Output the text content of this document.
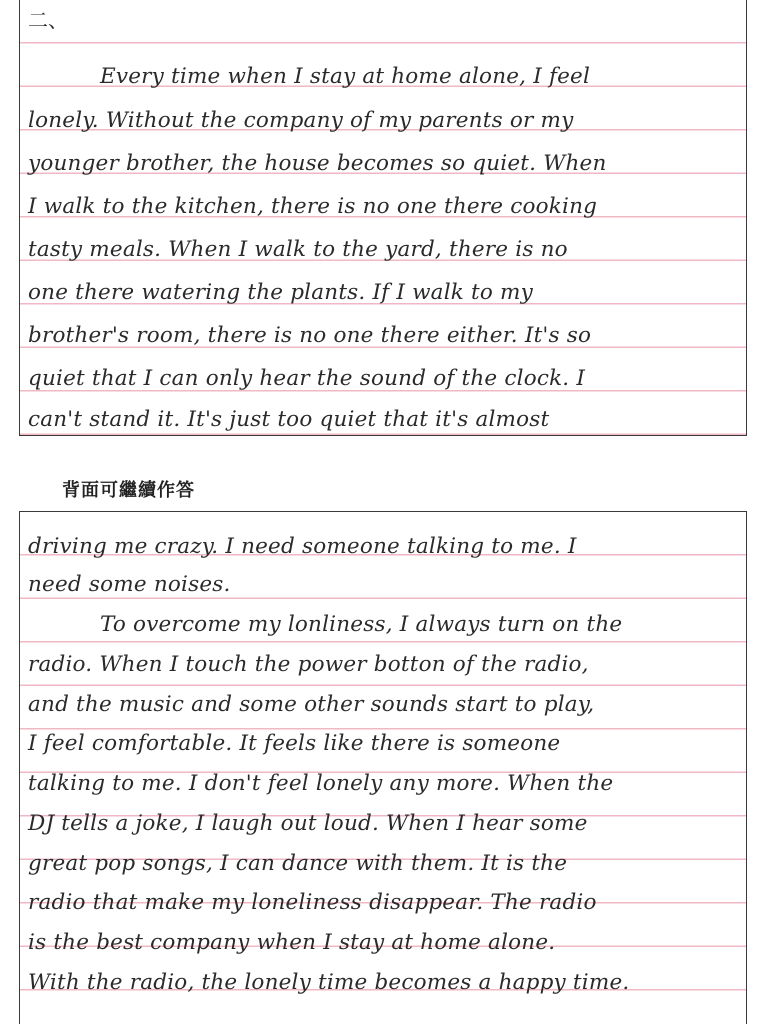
二、
Every time when I stay at home alone, I feel
lonely. Without the company of my parents or my
younger brother, the house becomes so quiet. When
I walk to the kitchen, there is no one there cooking
tasty meals. When I walk to the yard, there is no
one there watering the plants. If I walk to my
brother's room, there is no one there either. It's so
quiet that I can only hear the sound of the clock. I
can't stand it. It's just too quiet that it's almost
背面可繼續作答
driving me crazy. I need someone talking to me. I
need some noises.
To overcome my lonliness, I always turn on the
radio. When I touch the power botton of the radio,
and the music and some other sounds start to play,
I feel comfortable. It feels like there is someone
talking to me. I don't feel lonely any more. When the
DJ tells a joke, I laugh out loud. When I hear some
great pop songs, I can dance with them. It is the
radio that make my loneliness disappear. The radio
is the best company when I stay at home alone.
With the radio, the lonely time becomes a happy time.
